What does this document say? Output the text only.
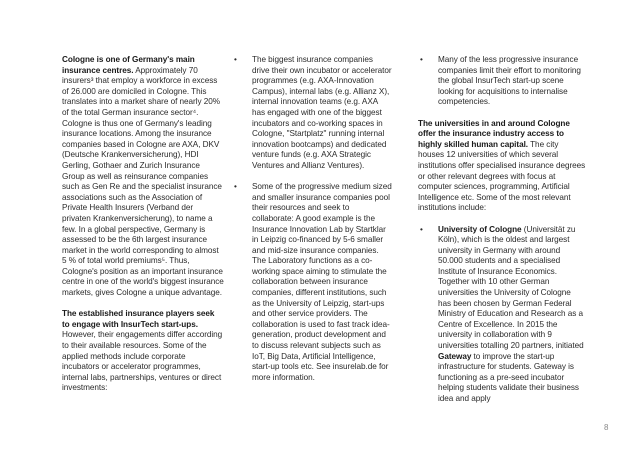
Cologne is one of Germany's main insurance centres. Approximately 70 insurers³ that employ a workforce in excess of 26.000 are domiciled in Cologne. This translates into a market share of nearly 20% of the total German insurance sector⁴. Cologne is thus one of Germany's leading insurance locations. Among the insurance companies based in Cologne are AXA, DKV (Deutsche Krankenversicherung), HDI Gerling, Gothaer and Zurich Insurance Group as well as reinsurance companies such as Gen Re and the specialist insurance associations such as the Association of Private Health Insurers (Verband der privaten Krankenversicherung), to name a few. In a global perspective, Germany is assessed to be the 6th largest insurance market in the world corresponding to almost 5 % of total world premiums⁵. Thus, Cologne's position as an important insurance centre in one of the world's biggest insurance markets, gives Cologne a unique advantage.

The established insurance players seek to engage with InsurTech start-ups. However, their engagements differ according to their available resources. Some of the applied methods include corporate incubators or accelerator programmes, internal labs, partnerships, ventures or direct investments:

• The biggest insurance companies drive their own incubator or accelerator programmes (e.g. AXA-Innovation Campus), internal labs (e.g. Allianz X), internal innovation teams (e.g. AXA has engaged with one of the biggest incubators and co-working spaces in Cologne, "Startplatz" running internal innovation bootcamps) and dedicated venture funds (e.g. AXA Strategic Ventures and Allianz Ventures).
• Some of the progressive medium sized and smaller insurance companies pool their resources and seek to collaborate: A good example is the Insurance Innovation Lab by Startklar in Leipzig co-financed by 5-6 smaller and mid-size insurance companies. The Laboratory functions as a co-working space aiming to stimulate the collaboration between insurance companies, different institutions, such as the University of Leipzig, start-ups and other service providers. The collaboration is used to fast track idea-generation, product development and to discuss relevant subjects such as IoT, Big Data, Artificial Intelligence, start-up tools etc. See insurelab.de for more information.
• Many of the less progressive insurance companies limit their effort to monitoring the global InsurTech start-up scene looking for acquisitions to internalise competencies.

The universities in and around Cologne offer the insurance industry access to highly skilled human capital. The city houses 12 universities of which several institutions offer specialised insurance degrees or other relevant degrees with focus at computer sciences, programming, Artificial Intelligence etc. Some of the most relevant institutions include:

• University of Cologne (Universität zu Köln), which is the oldest and largest university in Germany with around 50.000 students and a specialised Institute of Insurance Economics. Together with 10 other German universities the University of Cologne has been chosen by German Federal Ministry of Education and Research as a Centre of Excellence. In 2015 the university in collaboration with 9 universities totalling 20 partners, initiated Gateway to improve the start-up infrastructure for students. Gateway is functioning as a pre-seed incubator helping students validate their business idea and apply
8
